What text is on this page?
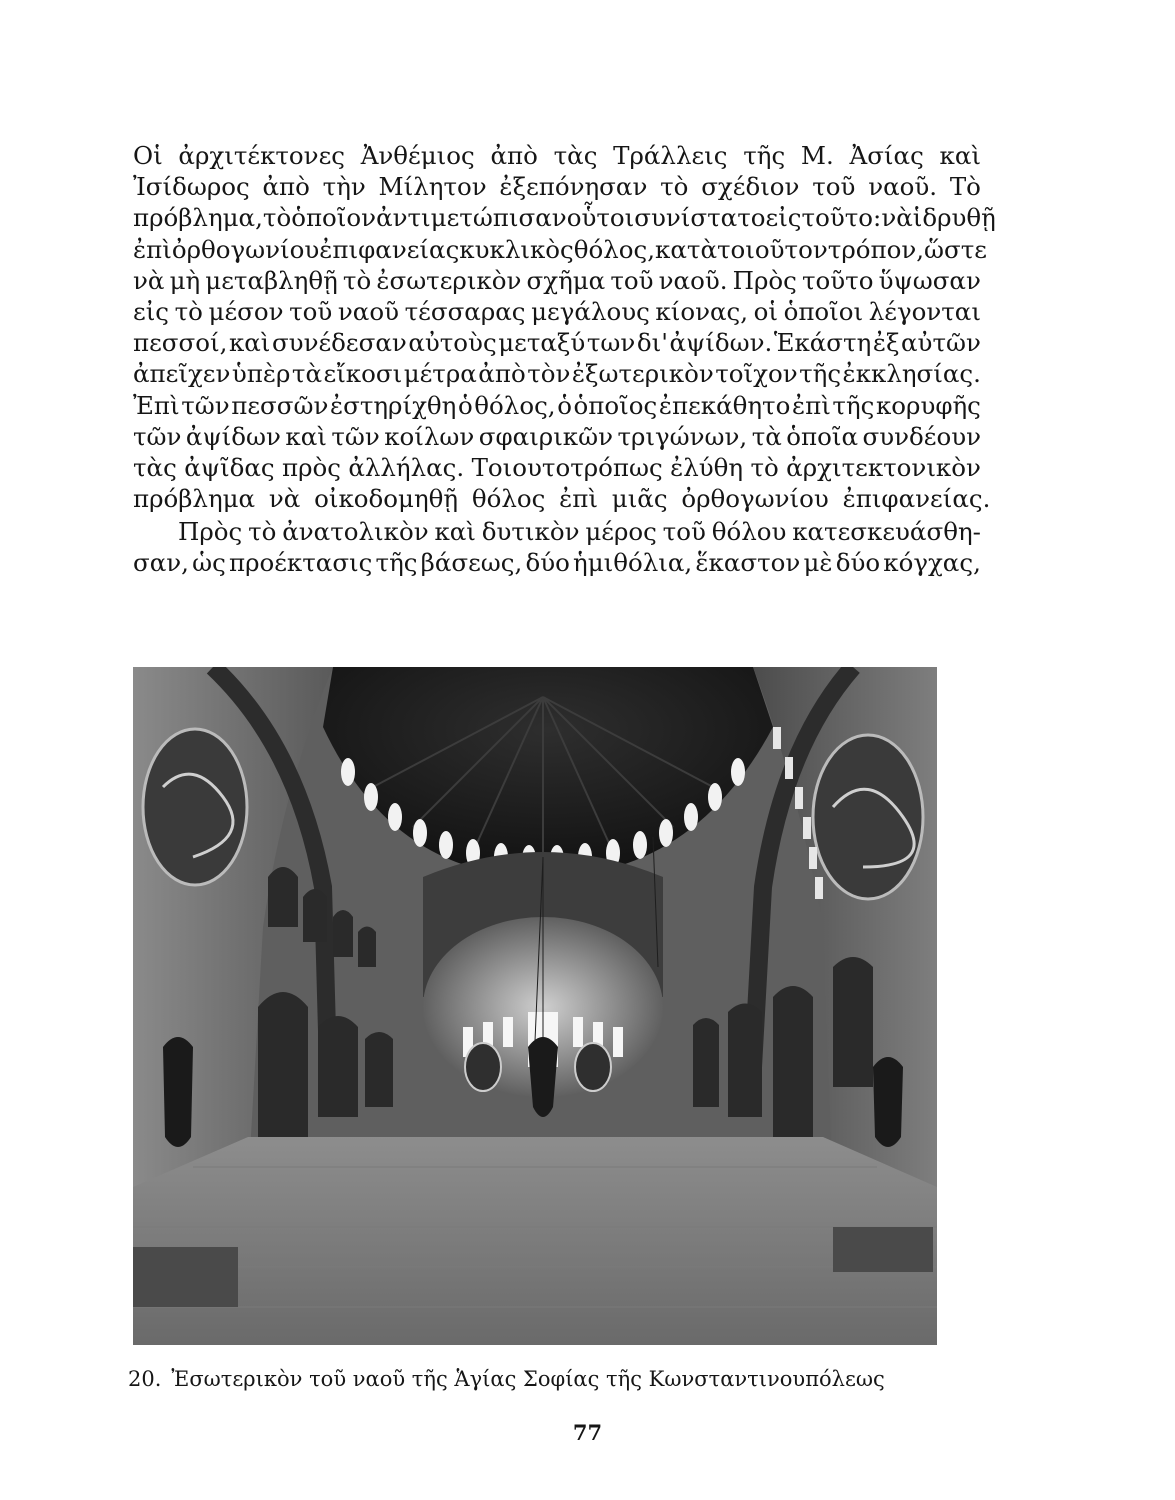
Οἱ ἀρχιτέκτονες Ἀνθέμιος ἀπὸ τὰς Τράλλεις τῆς Μ. Ἀσίας καὶ
Ἰσίδωρος ἀπὸ τὴν Μίλητον ἐξεπόνησαν τὸ σχέδιον τοῦ ναοῦ. Τὸ
πρόβλημα, τὸ ὁποῖον ἀντιμετώπισαν οὗτοι συνίστατο εἰς τοῦτο : νὰ ἱδρυθῇ
ἐπὶ ὀρθογωνίου ἐπιφανείας κυκλικὸς θόλος, κατὰ τοιοῦτον τρόπον, ὥστε
νὰ μὴ μεταβληθῇ τὸ ἐσωτερικὸν σχῆμα τοῦ ναοῦ. Πρὸς τοῦτο ὕψωσαν
εἰς τὸ μέσον τοῦ ναοῦ τέσσαρας μεγάλους κίονας, οἱ ὁποῖοι λέγονται
πεσσοί, καὶ συνέδεσαν αὐτοὺς μεταξύ των δι' ἀψίδων. Ἑκάστη ἐξ αὐτῶν
ἀπεῖχεν ὑπὲρ τὰ εἴκοσι μέτρα ἀπὸ τὸν ἐξωτερικὸν τοῖχον τῆς ἐκκλησίας.
Ἐπὶ τῶν πεσσῶν ἐστηρίχθη ὁ θόλος, ὁ ὁποῖος ἐπεκάθητο ἐπὶ τῆς κορυφῆς
τῶν ἀψίδων καὶ τῶν κοίλων σφαιρικῶν τριγώνων, τὰ ὁποῖα συνδέουν
τὰς ἀψῖδας πρὸς ἀλλήλας. Τοιουτοτρόπως ἐλύθη τὸ ἀρχιτεκτονικὸν
πρόβλημα νὰ οἰκοδομηθῇ θόλος ἐπὶ μιᾶς ὀρθογωνίου ἐπιφανείας.
Πρὸς τὸ ἀνατολικὸν καὶ δυτικὸν μέρος τοῦ θόλου κατεσκευάσθη-
σαν, ὡς προέκτασις τῆς βάσεως, δύο ἡμιθόλια, ἕκαστον μὲ δύο κόγχας,
20. Ἐσωτερικὸν τοῦ ναοῦ τῆς Ἁγίας Σοφίας τῆς Κωνσταντινουπόλεως
77
